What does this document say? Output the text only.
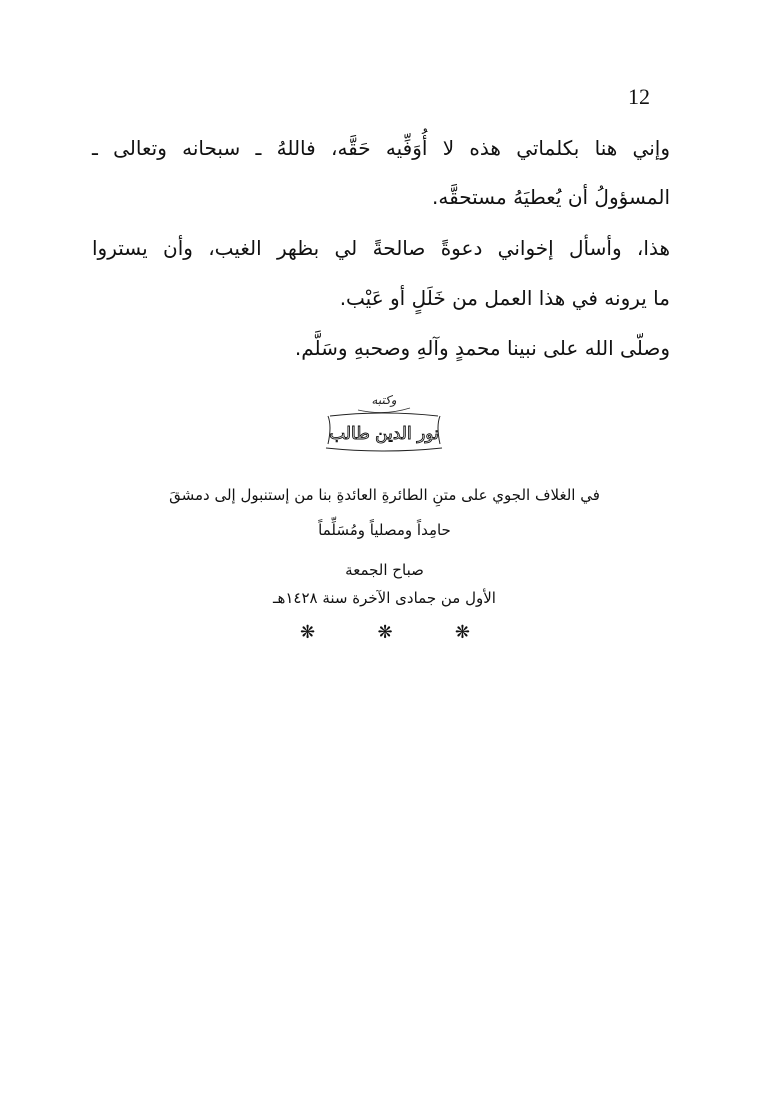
12
وإني هنا بكلماتي هذه لا أُوَفِّيه حَقَّه، فاللهُ ـ سبحانه وتعالى ـ
المسؤولُ أن يُعطيَهُ مستحقَّه.
هذا، وأسأل إخواني دعوةً صالحةً لي بظهر الغيب، وأن يستروا
ما يرونه في هذا العمل من خَلَلٍ أو عَيْب.
وصلّى الله على نبينا محمدٍ وآلهِ وصحبهِ وسَلَّم.
وكتبه
نور الدين طالب
في الغلاف الجوي على متنِ الطائرةِ العائدةِ بنا من إستنبول إلى دمشقَ
حامِداً ومصلياً ومُسَلِّماً
صباح الجمعة
الأول من جمادى الآخرة سنة ١٤٢٨هـ
❋	❋	❋
